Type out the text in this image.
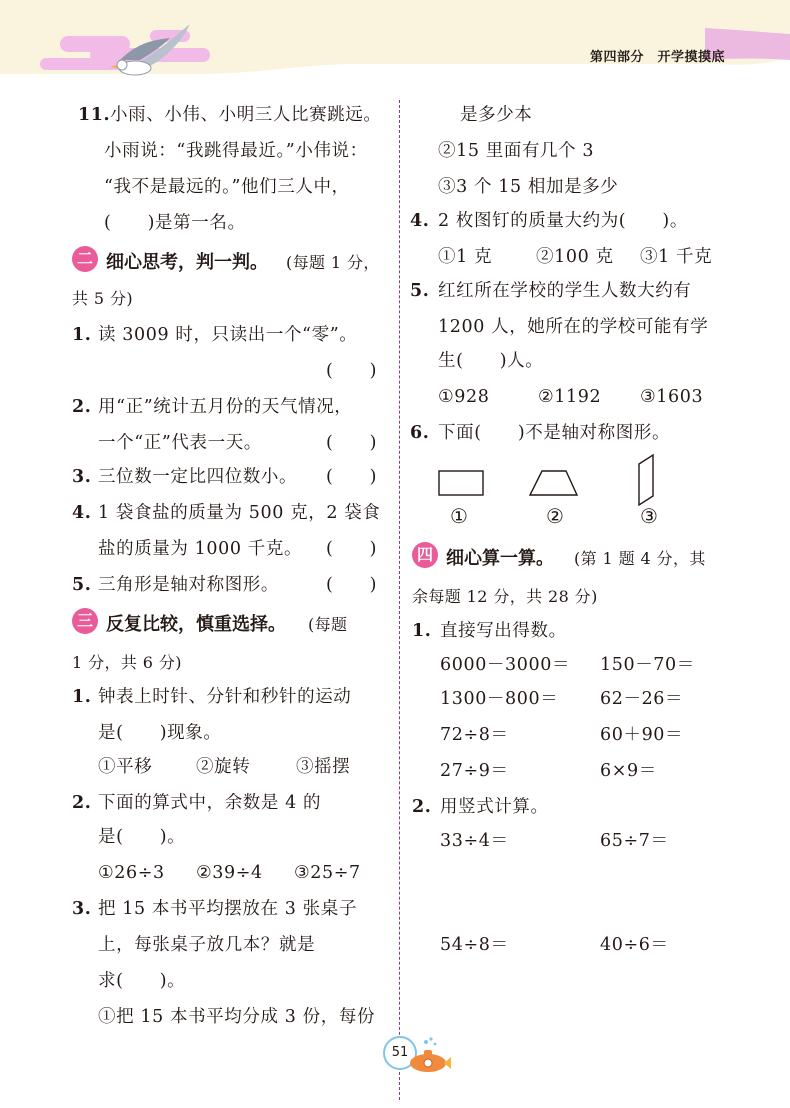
第四部分　开学摸摸底
11. 小雨、小伟、小明三人比赛跳远。
小雨说：“我跳得最近。”小伟说：
“我不是最远的。”他们三人中，
(　　)是第一名。
二 细心思考，判一判。 (每题 1 分，
共 5 分)
1. 读 3009 时，只读出一个“零”。
(　　)
2. 用“正”统计五月份的天气情况，
一个“正”代表一天。	(　　)
3. 三位数一定比四位数小。 (　　)
4. 1 袋食盐的质量为 500 克，2 袋食
盐的质量为 1000 千克。 (　　)
5. 三角形是轴对称图形。	(　　)
三 反复比较，慎重选择。 (每题
1 分，共 6 分)
1. 钟表上时针、分针和秒针的运动
是(　　)现象。
①平移 ②旋转	③摇摆
2. 下面的算式中，余数是 4 的
是(　　)。
①26÷3 ②39÷4 ③25÷7
3. 把 15 本书平均摆放在 3 张桌子
上，每张桌子放几本？就是
求(　　)。
①把 15 本书平均分成 3 份，每份
是多少本
②15 里面有几个 3
③3 个 15 相加是多少
4. 2 枚图钉的质量大约为(　　)。
①1 克	②100 克 ③1 千克
5. 红红所在学校的学生人数大约有
1200 人，她所在的学校可能有学
生(　　)人。
①928	②1192 ③1603
6. 下面(　　)不是轴对称图形。
①	②	③
四 细心算一算。 (第 1 题 4 分，其
余每题 12 分，共 28 分)
1. 直接写出得数。
6000－3000＝ 150－70＝
1300－800＝ 62－26＝
72÷8＝	60＋90＝
27÷9＝	6×9＝
2. 用竖式计算。
33÷4＝	65÷7＝
54÷8＝	40÷6＝
51
